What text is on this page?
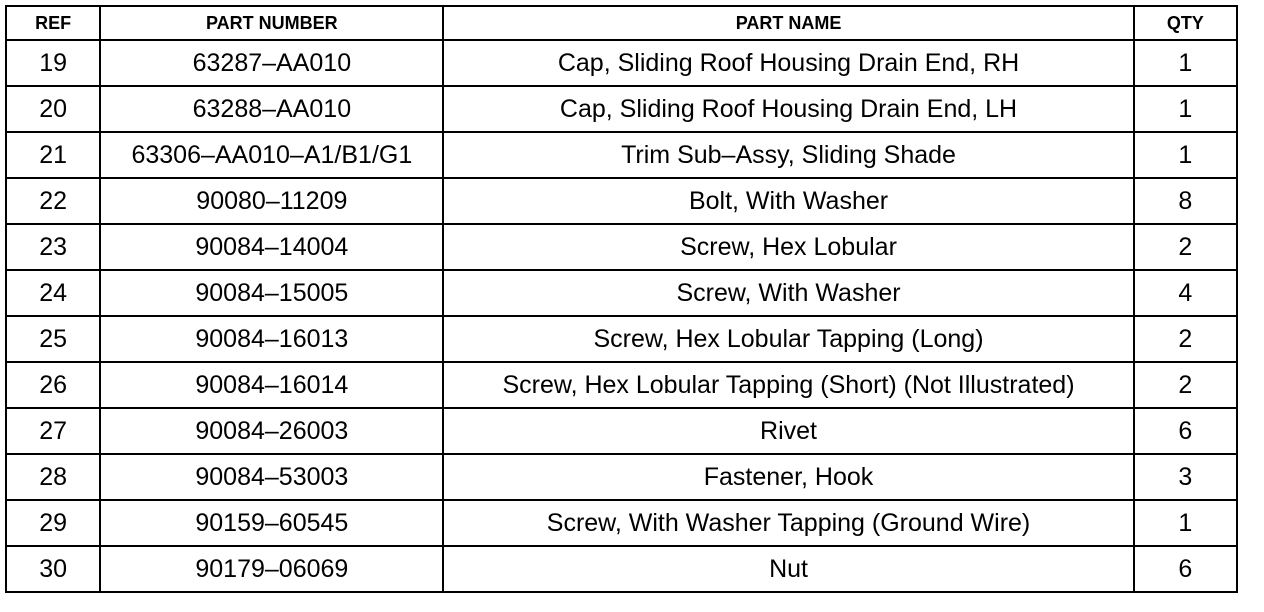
REF	PART NUMBER	PART NAME	QTY
19	63287–AA010	Cap, Sliding Roof Housing Drain End, RH	1
20	63288–AA010	Cap, Sliding Roof Housing Drain End, LH	1
21	63306–AA010–A1/B1/G1	Trim Sub–Assy, Sliding Shade	1
22	90080–11209	Bolt, With Washer	8
23	90084–14004	Screw, Hex Lobular	2
24	90084–15005	Screw, With Washer	4
25	90084–16013	Screw, Hex Lobular Tapping (Long)	2
26	90084–16014	Screw, Hex Lobular Tapping (Short) (Not Illustrated)	2
27	90084–26003	Rivet	6
28	90084–53003	Fastener, Hook	3
29	90159–60545	Screw, With Washer Tapping (Ground Wire)	1
30	90179–06069	Nut	6
